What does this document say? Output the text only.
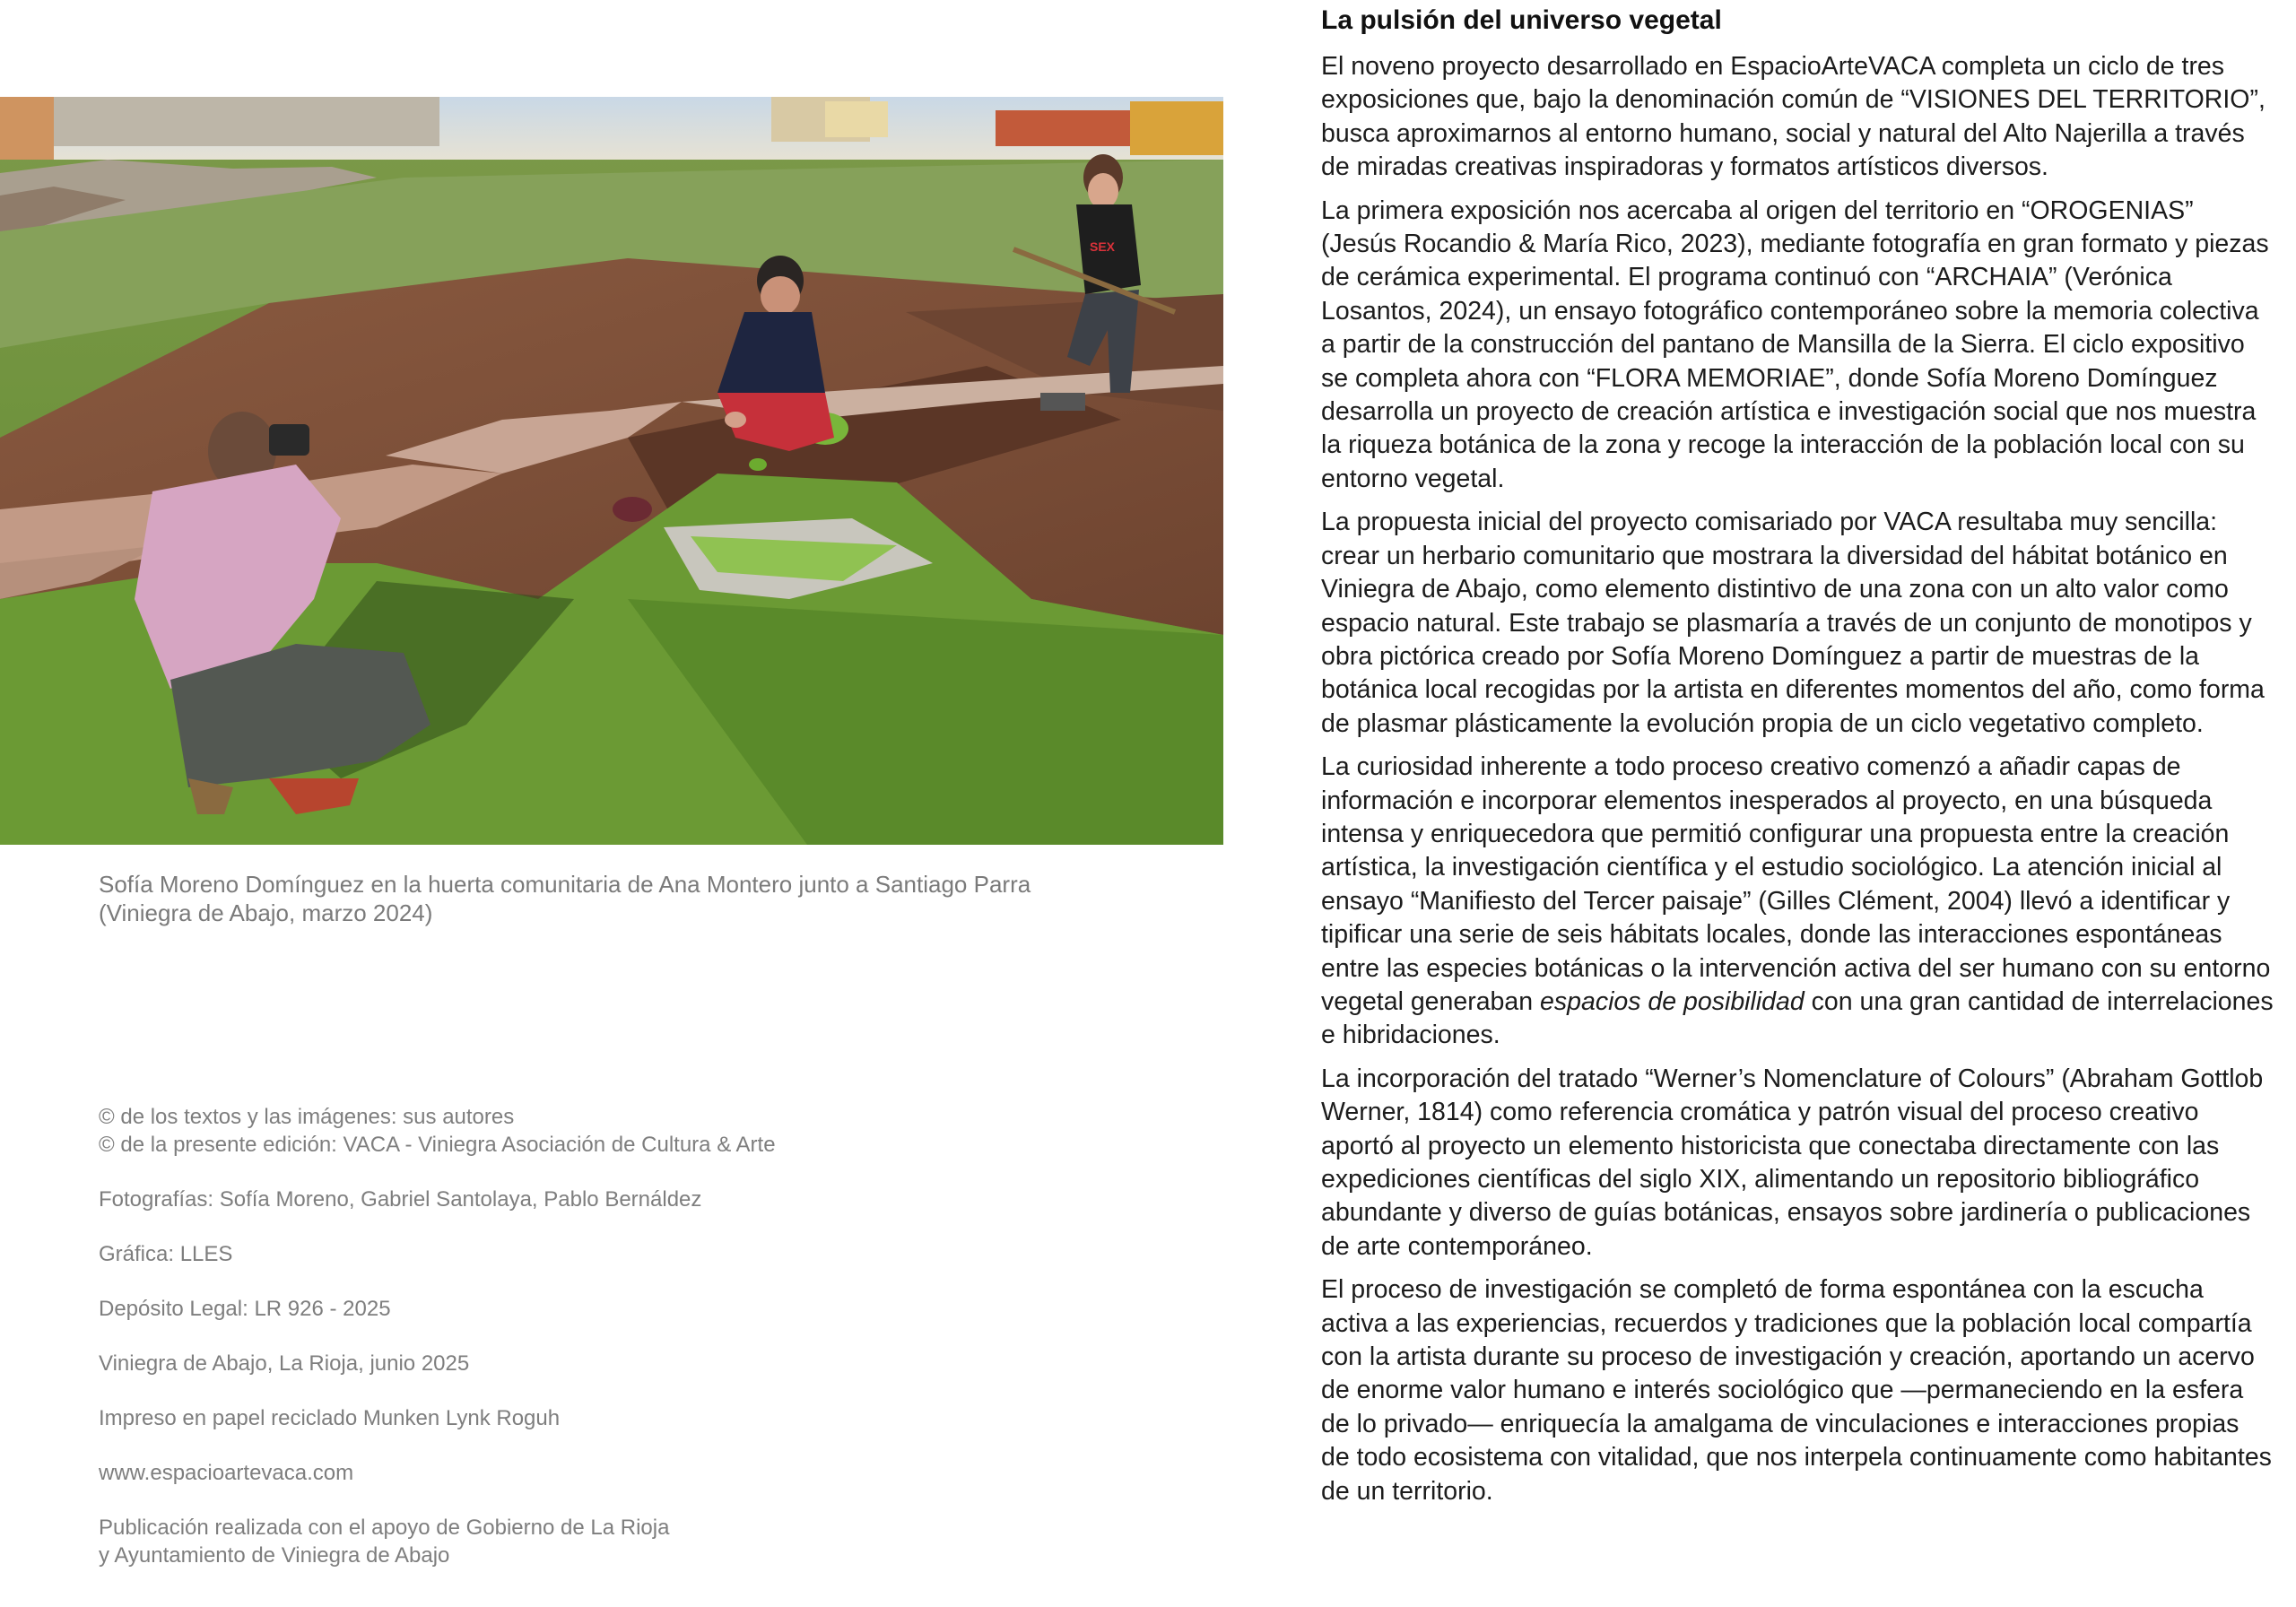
SEX

Sofía Moreno Domínguez en la huerta comunitaria de Ana Montero junto a Santiago Parra
(Viniegra de Abajo, marzo 2024)

© de los textos y las imágenes: sus autores

© de la presente edición: VACA - Viniegra Asociación de Cultura & Arte

Fotografías: Sofía Moreno, Gabriel Santolaya, Pablo Bernáldez

Gráfica: LLES

Depósito Legal: LR 926 - 2025

Viniegra de Abajo, La Rioja, junio 2025

Impreso en papel reciclado Munken Lynk Roguh

www.espacioartevaca.com

Publicación realizada con el apoyo de Gobierno de La Rioja

y Ayuntamiento de Viniegra de Abajo

La pulsión del universo vegetal

El noveno proyecto desarrollado en EspacioArteVACA completa un ciclo de tres exposiciones que, bajo la denominación común de “VISIONES DEL TERRITORIO”, busca aproximarnos al entorno humano, social y natural del Alto Najerilla a través de miradas creativas inspiradoras y formatos artísticos diversos.

La primera exposición nos acercaba al origen del territorio en “OROGENIAS” (Jesús Rocandio & María Rico, 2023), mediante fotografía en gran formato y piezas de cerámica experimental. El programa continuó con “ARCHAIA” (Verónica Losantos, 2024), un ensayo fotográfico contemporáneo sobre la memoria colectiva a partir de la construcción del pantano de Mansilla de la Sierra. El ciclo expositivo se completa ahora con “FLORA MEMORIAE”, donde Sofía Moreno Domínguez desarrolla un proyecto de creación artística e investigación social que nos muestra la riqueza botánica de la zona y recoge la interacción de la población local con su entorno vegetal.

La propuesta inicial del proyecto comisariado por VACA resultaba muy sencilla: crear un herbario comunitario que mostrara la diversidad del hábitat botánico en Viniegra de Abajo, como elemento distintivo de una zona con un alto valor como espacio natural. Este trabajo se plasmaría a través de un conjunto de monotipos y obra pictórica creado por Sofía Moreno Domínguez a partir de muestras de la botánica local recogidas por la artista en diferentes momentos del año, como forma de plasmar plásticamente la evolución propia de un ciclo vegetativo completo.

La curiosidad inherente a todo proceso creativo comenzó a añadir capas de información e incorporar elementos inesperados al proyecto, en una búsqueda intensa y enriquecedora que permitió configurar una propuesta entre la creación artística, la investigación científica y el estudio sociológico. La atención inicial al ensayo “Manifiesto del Tercer paisaje” (Gilles Clément, 2004) llevó a identificar y tipificar una serie de seis hábitats locales, donde las interacciones espontáneas entre las especies botánicas o la intervención activa del ser humano con su entorno vegetal generaban espacios de posibilidad con una gran cantidad de interrelaciones e hibridaciones.

La incorporación del tratado “Werner’s Nomenclature of Colours” (Abraham Gottlob Werner, 1814) como referencia cromática y patrón visual del proceso creativo aportó al proyecto un elemento historicista que conectaba directamente con las expediciones científicas del siglo XIX, alimentando un repositorio bibliográfico abundante y diverso de guías botánicas, ensayos sobre jardinería o publicaciones de arte contemporáneo.

El proceso de investigación se completó de forma espontánea con la escucha activa a las experiencias, recuerdos y tradiciones que la población local compartía con la artista durante su proceso de investigación y creación, aportando un acervo de enorme valor humano e interés sociológico que —permaneciendo en la esfera de lo privado— enriquecía la amalgama de vinculaciones e interacciones propias de todo ecosistema con vitalidad, que nos interpela continuamente como habitantes de un territorio.
